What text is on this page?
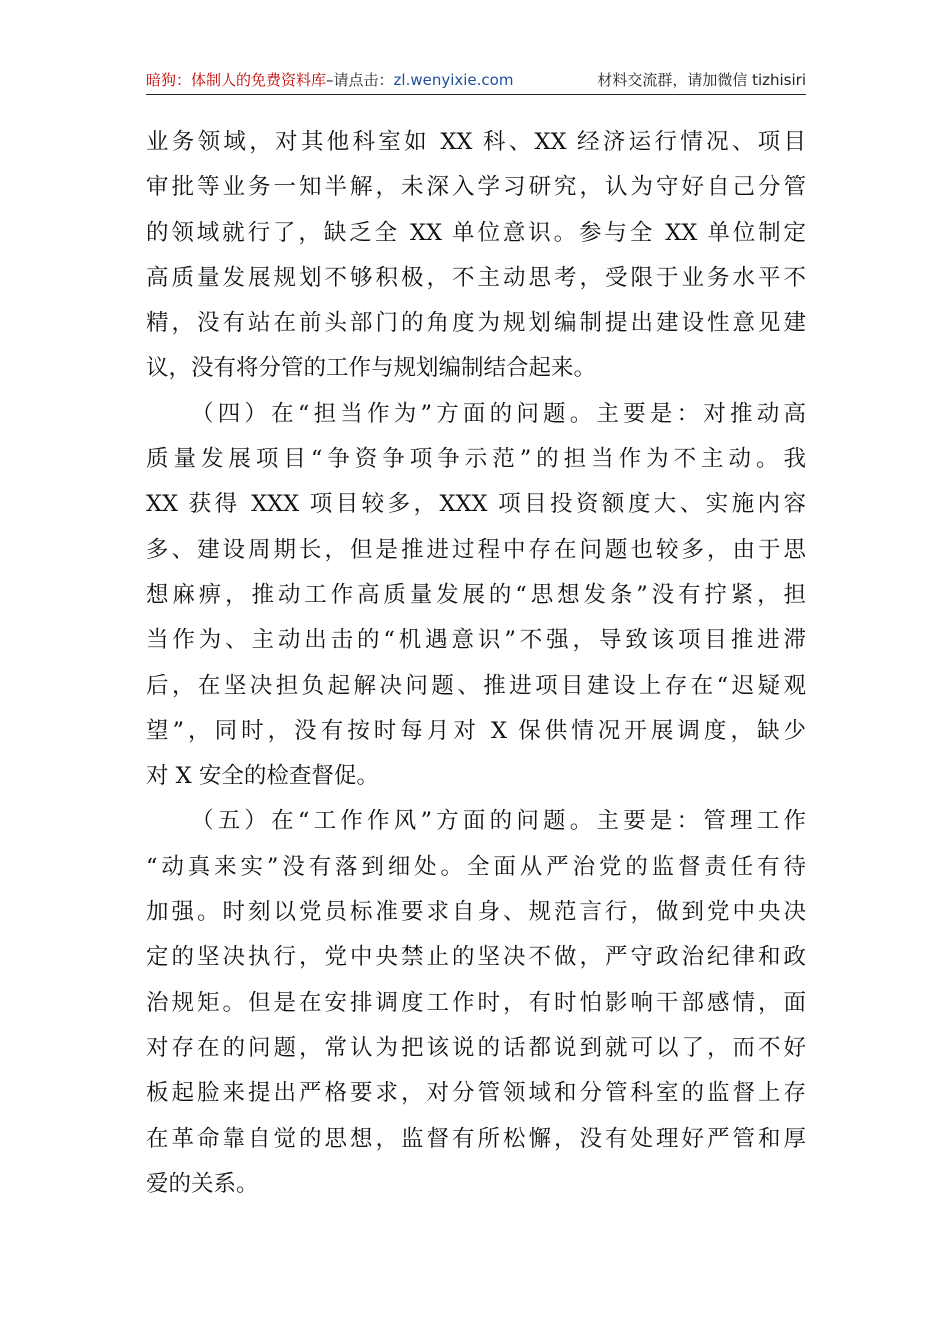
暗狗：体制人的免费资料库–请点击：zl.wenyixie.com	材料交流群，请加微信 tizhisiri
业务领域，对其他科室如 XX 科、XX 经济运行情况、项目
审批等业务一知半解，未深入学习研究，认为守好自己分管
的领域就行了，缺乏全 XX 单位意识。参与全 XX 单位制定
高质量发展规划不够积极，不主动思考，受限于业务水平不
精，没有站在前头部门的角度为规划编制提出建设性意见建
议，没有将分管的工作与规划编制结合起来。
（四）在“担当作为”方面的问题。主要是：对推动高
质量发展项目“争资争项争示范”的担当作为不主动。我
XX 获得 XXX 项目较多，XXX 项目投资额度大、实施内容
多、建设周期长，但是推进过程中存在问题也较多，由于思
想麻痹，推动工作高质量发展的“思想发条”没有拧紧，担
当作为、主动出击的“机遇意识”不强，导致该项目推进滞
后，在坚决担负起解决问题、推进项目建设上存在“迟疑观
望”，同时，没有按时每月对 X 保供情况开展调度，缺少
对 X 安全的检查督促。
（五）在“工作作风”方面的问题。主要是：管理工作
“动真来实”没有落到细处。全面从严治党的监督责任有待
加强。时刻以党员标准要求自身、规范言行，做到党中央决
定的坚决执行，党中央禁止的坚决不做，严守政治纪律和政
治规矩。但是在安排调度工作时，有时怕影响干部感情，面
对存在的问题，常认为把该说的话都说到就可以了，而不好
板起脸来提出严格要求，对分管领域和分管科室的监督上存
在革命靠自觉的思想，监督有所松懈，没有处理好严管和厚
爱的关系。
